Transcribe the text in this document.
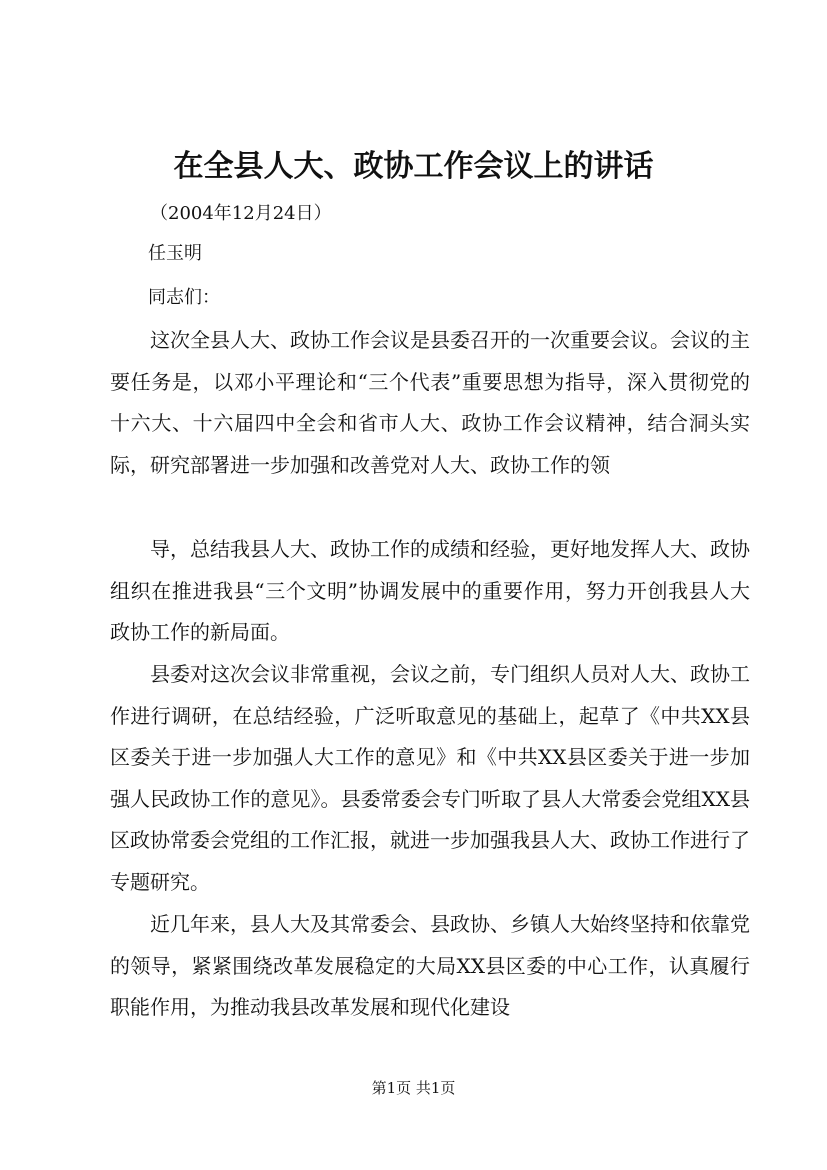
在全县人大、政协工作会议上的讲话
（2004年12月24日）
任玉明
同志们：

这次全县人大、政协工作会议是县委召开的一次重要会议。会议的主要任务是，以邓小平理论和“三个代表”重要思想为指导，深入贯彻党的十六大、十六届四中全会和省市人大、政协工作会议精神，结合洞头实际，研究部署进一步加强和改善党对人大、政协工作的领

导，总结我县人大、政协工作的成绩和经验，更好地发挥人大、政协组织在推进我县“三个文明”协调发展中的重要作用，努力开创我县人大政协工作的新局面。

县委对这次会议非常重视，会议之前，专门组织人员对人大、政协工作进行调研，在总结经验，广泛听取意见的基础上，起草了《中共XX县区委关于进一步加强人大工作的意见》和《中共XX县区委关于进一步加强人民政协工作的意见》。县委常委会专门听取了县人大常委会党组XX县区政协常委会党组的工作汇报，就进一步加强我县人大、政协工作进行了专题研究。

近几年来，县人大及其常委会、县政协、乡镇人大始终坚持和依靠党的领导，紧紧围绕改革发展稳定的大局XX县区委的中心工作，认真履行职能作用，为推动我县改革发展和现代化建设

第1页 共1页
